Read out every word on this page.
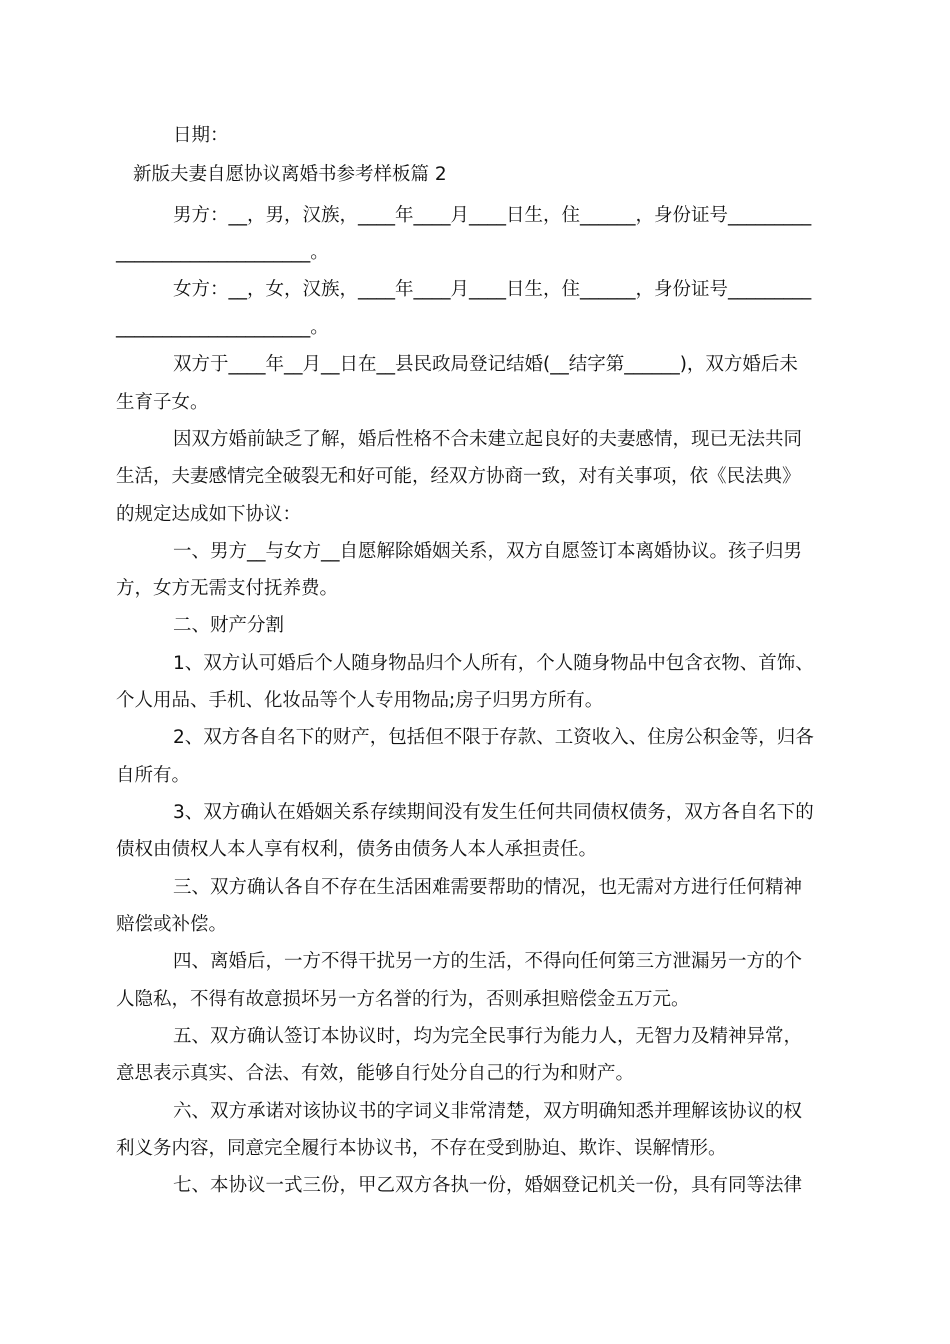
日期：
新版夫妻自愿协议离婚书参考样板篇 2
男方：__，男，汉族，____年____月____日生，住______，身份证号_________
_____________________。
女方：__，女，汉族，____年____月____日生，住______，身份证号_________
_____________________。
双方于____年__月__日在__县民政局登记结婚(__结字第______)，双方婚后未
生育子女。
因双方婚前缺乏了解，婚后性格不合未建立起良好的夫妻感情，现已无法共同
生活，夫妻感情完全破裂无和好可能，经双方协商一致，对有关事项，依《民法典》
的规定达成如下协议：
一、男方__与女方__自愿解除婚姻关系，双方自愿签订本离婚协议。孩子归男
方，女方无需支付抚养费。
二、财产分割
1、双方认可婚后个人随身物品归个人所有，个人随身物品中包含衣物、首饰、
个人用品、手机、化妆品等个人专用物品;房子归男方所有。
2、双方各自名下的财产，包括但不限于存款、工资收入、住房公积金等，归各
自所有。
3、双方确认在婚姻关系存续期间没有发生任何共同债权债务，双方各自名下的
债权由债权人本人享有权利，债务由债务人本人承担责任。
三、双方确认各自不存在生活困难需要帮助的情况，也无需对方进行任何精神
赔偿或补偿。
四、离婚后，一方不得干扰另一方的生活，不得向任何第三方泄漏另一方的个
人隐私，不得有故意损坏另一方名誉的行为，否则承担赔偿金五万元。
五、双方确认签订本协议时，均为完全民事行为能力人，无智力及精神异常，
意思表示真实、合法、有效，能够自行处分自己的行为和财产。
六、双方承诺对该协议书的字词义非常清楚，双方明确知悉并理解该协议的权
利义务内容，同意完全履行本协议书，不存在受到胁迫、欺诈、误解情形。
七、本协议一式三份，甲乙双方各执一份，婚姻登记机关一份，具有同等法律
